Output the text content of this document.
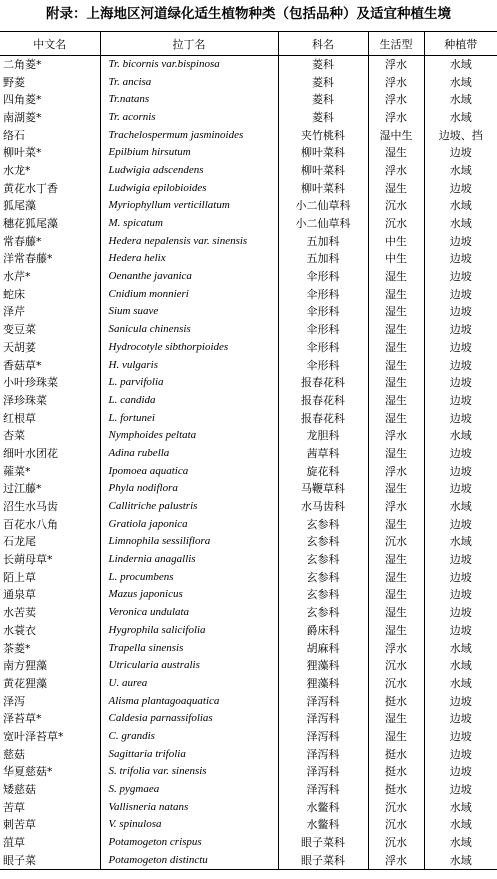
附录：上海地区河道绿化适生植物种类（包括品种）及适宜种植生境
中文名	拉丁名	科名	生活型	种植带
二角菱*	Tr. bicornis var.bispinosa	菱科	浮水	水域
野菱	Tr. ancisa	菱科	浮水	水域
四角菱*	Tr.natans	菱科	浮水	水域
南湖菱*	Tr. acornis	菱科	浮水	水域
络石	Trachelospermum jasminoides	夹竹桃科	湿中生	边坡、挡
柳叶菜*	Epilbium hirsutum	柳叶菜科	湿生	边坡
水龙*	Ludwigia adscendens	柳叶菜科	浮水	水域
黄花水丁香	Ludwigia epilobioides	柳叶菜科	湿生	边坡
狐尾藻	Myriophyllum verticillatum	小二仙草科	沉水	水域
穗花狐尾藻	M. spicatum	小二仙草科	沉水	水域
常春藤*	Hedera nepalensis var. sinensis	五加科	中生	边坡
洋常春藤*	Hedera helix	五加科	中生	边坡
水芹*	Oenanthe javanica	伞形科	湿生	边坡
蛇床	Cnidium monnieri	伞形科	湿生	边坡
泽芹	Sium suave	伞形科	湿生	边坡
变豆菜	Sanicula chinensis	伞形科	湿生	边坡
天胡荽	Hydrocotyle sibthorpioides	伞形科	湿生	边坡
香菇草*	H. vulgaris	伞形科	湿生	边坡
小叶珍珠菜	L. parvifolia	报春花科	湿生	边坡
泽珍珠菜	L. candida	报春花科	湿生	边坡
红根草	L. fortunei	报春花科	湿生	边坡
杏菜	Nymphoides peltata	龙胆科	浮水	水域
细叶水团花	Adina rubella	茜草科	湿生	边坡
蕹菜*	Ipomoea aquatica	旋花科	浮水	边坡
过江藤*	Phyla nodiflora	马鞭草科	湿生	边坡
沼生水马齿	Callitriche palustris	水马齿科	浮水	水域
百花水八角	Gratiola japonica	玄参科	湿生	边坡
石龙尾	Limnophila sessiliflora	玄参科	沉水	水域
长蒴母草*	Lindernia anagallis	玄参科	湿生	边坡
陌上草	L. procumbens	玄参科	湿生	边坡
通泉草	Mazus japonicus	玄参科	湿生	边坡
水苦荬	Veronica undulata	玄参科	湿生	边坡
水蓑衣	Hygrophila salicifolia	爵床科	湿生	边坡
茶菱*	Trapella sinensis	胡麻科	浮水	水域
南方狸藻	Utricularia australis	狸藻科	沉水	水域
黄花狸藻	U. aurea	狸藻科	沉水	水域
泽泻	Alisma plantagoaquatica	泽泻科	挺水	边坡
泽苔草*	Caldesia parnassifolias	泽泻科	湿生	边坡
宽叶泽苔草*	C. grandis	泽泻科	湿生	边坡
慈菇	Sagittaria trifolia	泽泻科	挺水	边坡
华夏慈菇*	S. trifolia var. sinensis	泽泻科	挺水	边坡
矮慈菇	S. pygmaea	泽泻科	挺水	边坡
苦草	Vallisneria natans	水鳖科	沉水	水域
刺苦草	V. spinulosa	水鳖科	沉水	水域
菹草	Potamogeton crispus	眼子菜科	沉水	水域
眼子菜	Potamogeton distinctu	眼子菜科	浮水	水域
